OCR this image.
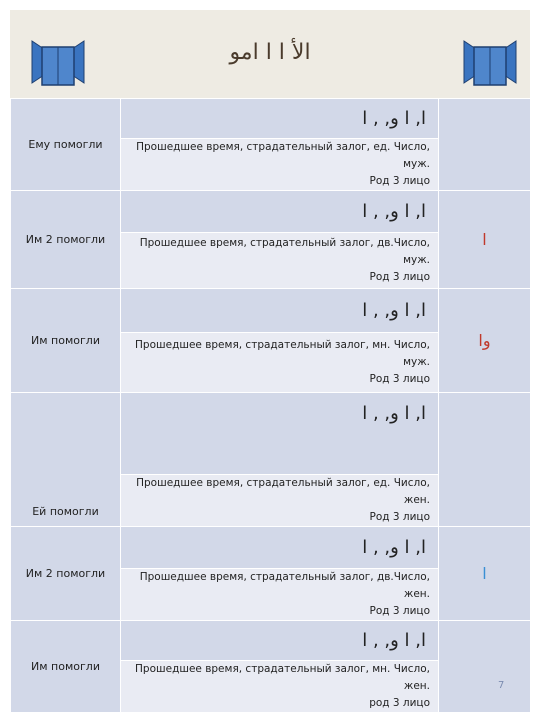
الأ ا ا امو
Ему помогли	ا, ا و, , ا	

	Прошедшее время, страдательный залог, ед. Число, муж.
Род 3 лицо	

Им 2 помогли	ا, ا و, , ا	ا

	Прошедшее время, страдательный залог, дв.Число, муж.
Род 3 лицо	

Им помогли	ا, ا و, , ا	وا

	Прошедшее время, страдательный залог, мн. Число, муж.
Род 3 лицо	

Ей помогли	ا, ا و, , ا	

	Прошедшее время, страдательный залог, ед. Число, жен.
Род 3 лицо	

Им 2 помогли	ا, ا و, , ا	ا

	Прошедшее время, страдательный залог, дв.Число, жен.
Род 3 лицо	

Им помогли	ا, ا و, , ا	

	Прошедшее время, страдательный залог, мн. Число, жен.
род 3 лицо	
7
